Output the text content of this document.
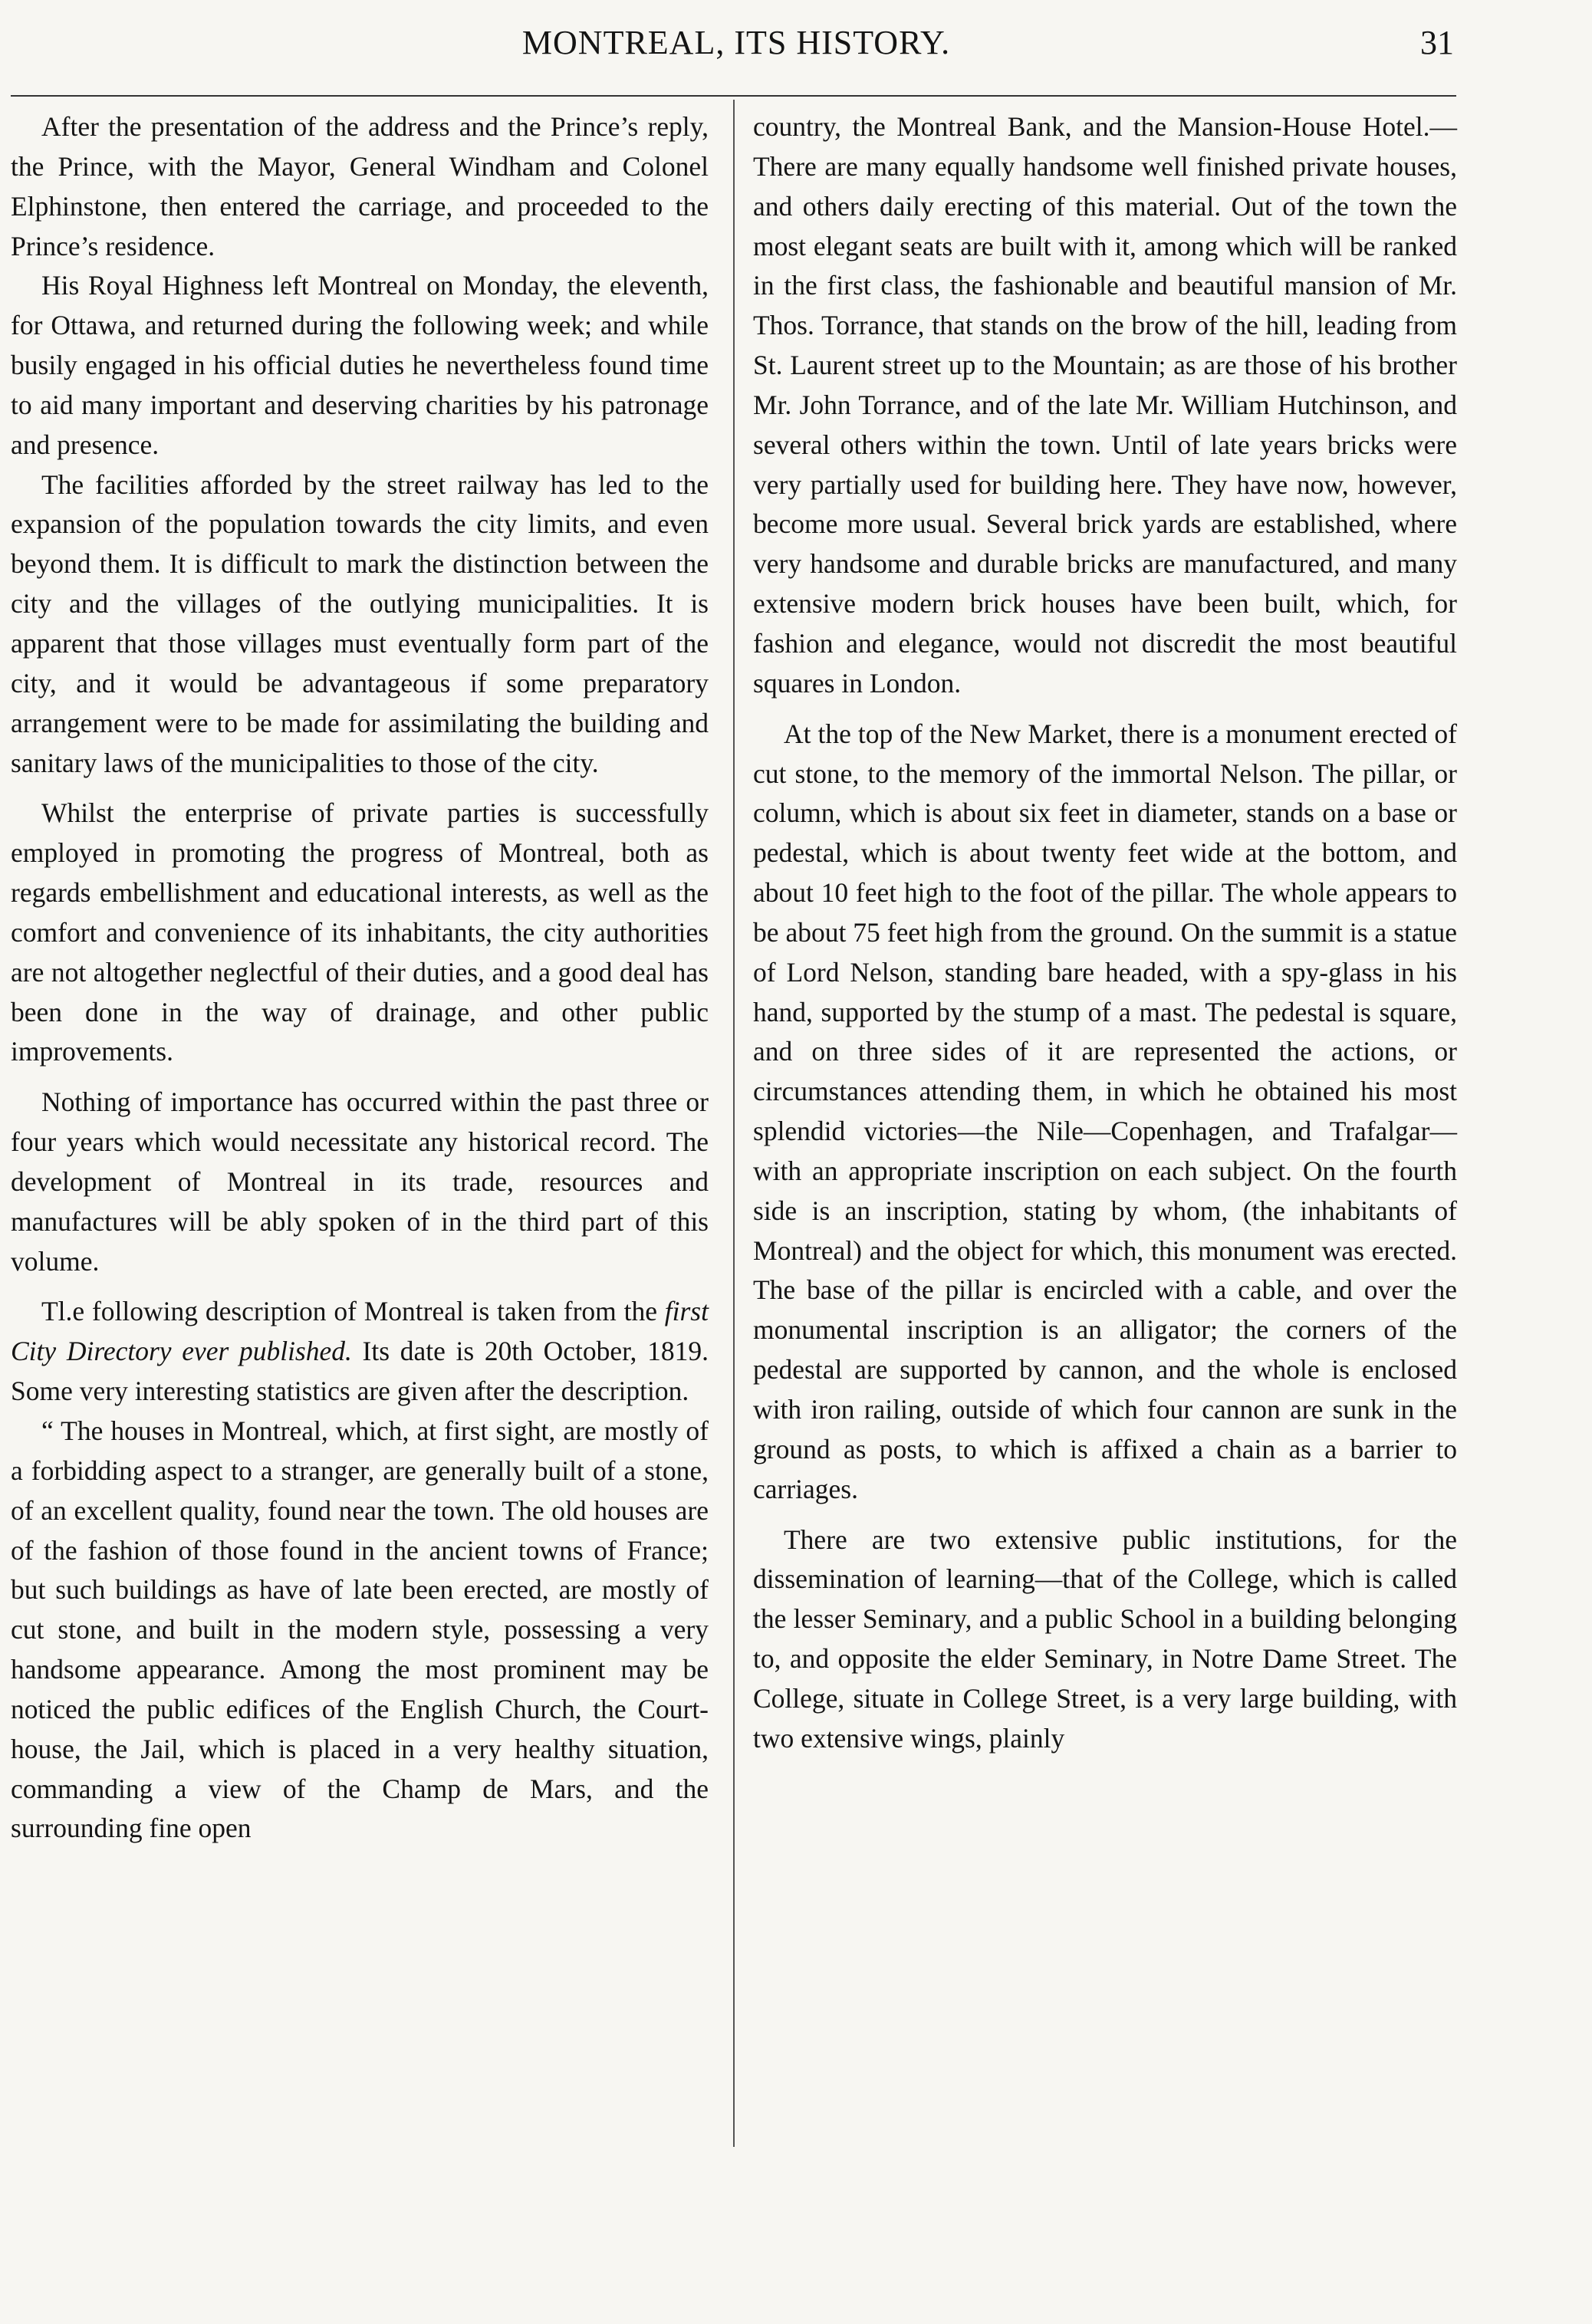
MONTREAL, ITS HISTORY.	31

After the presentation of the address and the Prince’s reply, the Prince, with the Mayor, General Windham and Colonel Elphinstone, then entered the carriage, and proceeded to the Prince’s residence.

His Royal Highness left Montreal on Monday, the eleventh, for Ottawa, and returned during the following week; and while busily engaged in his official duties he nevertheless found time to aid many important and deserving charities by his patronage and presence.

The facilities afforded by the street railway has led to the expansion of the population towards the city limits, and even beyond them. It is difficult to mark the distinction between the city and the villages of the outlying municipalities. It is apparent that those villages must eventually form part of the city, and it would be advantageous if some preparatory arrangement were to be made for assimilating the building and sanitary laws of the municipalities to those of the city.

Whilst the enterprise of private parties is successfully employed in promoting the progress of Montreal, both as regards embellishment and educational interests, as well as the comfort and convenience of its inhabitants, the city authorities are not altogether neglectful of their duties, and a good deal has been done in the way of drainage, and other public improvements.

Nothing of importance has occurred within the past three or four years which would necessitate any historical record. The development of Montreal in its trade, resources and manufactures will be ably spoken of in the third part of this volume.

Tl.e following description of Montreal is taken from the first City Directory ever published. Its date is 20th October, 1819. Some very interesting statistics are given after the description.

“ The houses in Montreal, which, at first sight, are mostly of a forbidding aspect to a stranger, are generally built of a stone, of an excellent quality, found near the town. The old houses are of the fashion of those found in the ancient towns of France; but such buildings as have of late been erected, are mostly of cut stone, and built in the modern style, possessing a very handsome appearance. Among the most prominent may be noticed the public edifices of the English Church, the Court-house, the Jail, which is placed in a very healthy situation, commanding a view of the Champ de Mars, and the surrounding fine open

country, the Montreal Bank, and the Mansion-House Hotel.—There are many equally handsome well finished private houses, and others daily erecting of this material. Out of the town the most elegant seats are built with it, among which will be ranked in the first class, the fashionable and beautiful mansion of Mr. Thos. Torrance, that stands on the brow of the hill, leading from St. Laurent street up to the Mountain; as are those of his brother Mr. John Torrance, and of the late Mr. William Hutchinson, and several others within the town. Until of late years bricks were very partially used for building here. They have now, however, become more usual. Several brick yards are established, where very handsome and durable bricks are manufactured, and many extensive modern brick houses have been built, which, for fashion and elegance, would not discredit the most beautiful squares in London.

At the top of the New Market, there is a monument erected of cut stone, to the memory of the immortal Nelson. The pillar, or column, which is about six feet in diameter, stands on a base or pedestal, which is about twenty feet wide at the bottom, and about 10 feet high to the foot of the pillar. The whole appears to be about 75 feet high from the ground. On the summit is a statue of Lord Nelson, standing bare headed, with a spy-glass in his hand, supported by the stump of a mast. The pedestal is square, and on three sides of it are represented the actions, or circumstances attending them, in which he obtained his most splendid victories—the Nile—Copenhagen, and Trafalgar—with an appropriate inscription on each subject. On the fourth side is an inscription, stating by whom, (the inhabitants of Montreal) and the object for which, this monument was erected. The base of the pillar is encircled with a cable, and over the monumental inscription is an alligator; the corners of the pedestal are supported by cannon, and the whole is enclosed with iron railing, outside of which four cannon are sunk in the ground as posts, to which is affixed a chain as a barrier to carriages.

There are two extensive public institutions, for the dissemination of learning—that of the College, which is called the lesser Seminary, and a public School in a building belonging to, and opposite the elder Seminary, in Notre Dame Street. The College, situate in College Street, is a very large building, with two extensive wings, plainly
